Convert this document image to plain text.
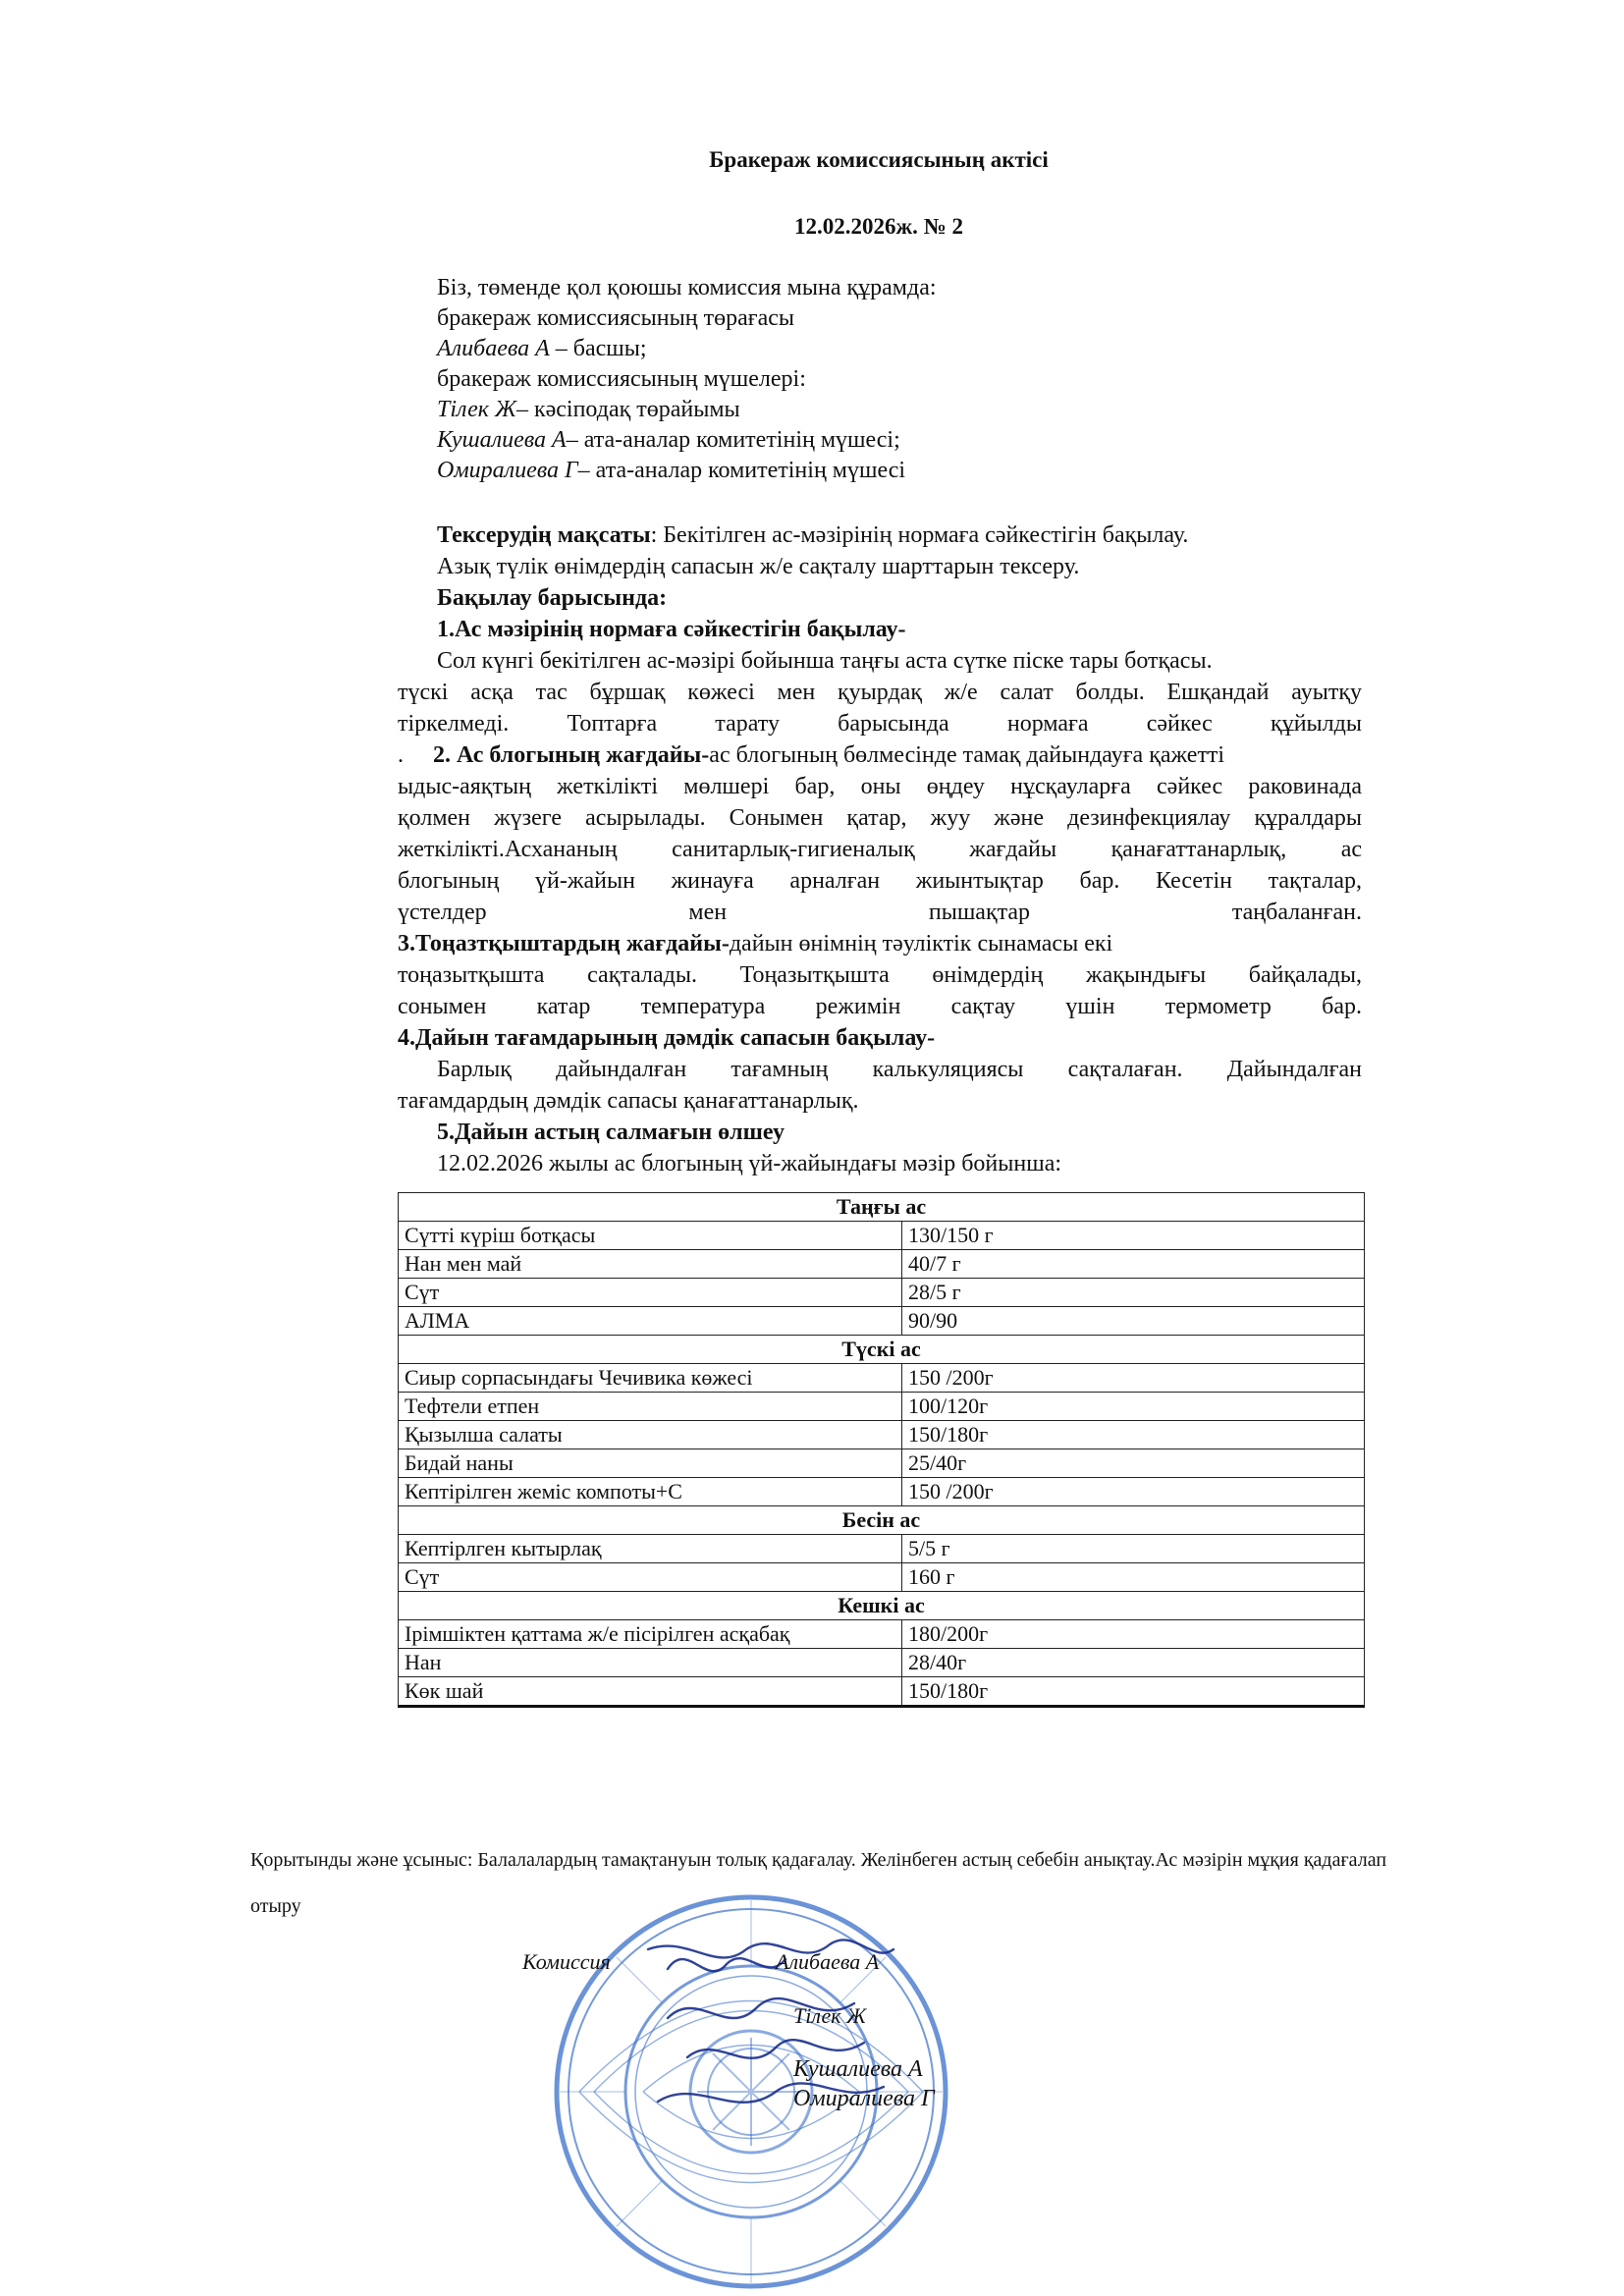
Бракераж комиссиясының актісі
12.02.2026ж. № 2
Біз, төменде қол қоюшы комиссия мына құрамда:
бракераж комиссиясының төрағасы
Алибаева А – басшы;
бракераж комиссиясының мүшелері:
Тілек Ж– кәсіподақ төрайымы
Кушалиева А– ата-аналар комитетінің мүшесі;
Омиралиева Г– ата-аналар комитетінің мүшесі
Тексерудің мақсаты: Бекітілген ас-мәзірінің нормаға сәйкестігін бақылау.
Азық түлік өнімдердің сапасын ж/е сақталу шарттарын тексеру.
Бақылау барысында:
1.Ас мәзірінің нормаға сәйкестігін бақылау-
Сол күнгі бекітілген ас-мәзірі бойынша таңғы аста сүтке піске тары ботқасы.
түскі асқа тас бұршақ көжесі мен қуырдақ ж/е салат болды. Ешқандай ауытқу
тіркелмеді. Топтарға тарату барысында нормаға сәйкес құйылды
.     2. Ас блогының жағдайы-ас блогының бөлмесінде тамақ дайындауға қажетті
ыдыс-аяқтың жеткілікті мөлшері бар, оны өңдеу нұсқауларға сәйкес раковинада
қолмен жүзеге асырылады. Сонымен қатар, жуу және дезинфекциялау құралдары
жеткілікті.Асхананың санитарлық-гигиеналық жағдайы қанағаттанарлық, ас
блогының үй-жайын жинауға арналған жиынтықтар бар. Кесетін тақталар,
үстелдер мен пышақтар таңбаланған.
3.Тоңазтқыштардың жағдайы-дайын өнімнің тәуліктік сынамасы екі
тоңазытқышта сақталады. Тоңазытқышта өнімдердің жақындығы байқалады,
сонымен катар температура режимін сақтау үшін термометр бар.
4.Дайын тағамдарының дәмдік сапасын бақылау-
Барлық дайындалған тағамның калькуляциясы сақталаған. Дайындалған
тағамдардың дәмдік сапасы қанағаттанарлық.
5.Дайын астың салмағын өлшеу
12.02.2026 жылы ас блогының үй-жайындағы мәзір бойынша:
Таңғы ас	
Сүтті күріш ботқасы	130/150 г
Нан мен май	40/7 г
Сүт	28/5 г
АЛМА	90/90
Түскі ас	
Сиыр сорпасындағы Чечивика көжесі	150 /200г
Тефтели етпен	100/120г
Қызылша салаты	150/180г
Бидай наны	25/40г
Кептірілген жеміс компоты+С	150 /200г
Бесін ас	
Кептірлген кытырлақ	5/5 г
Сүт	160 г
Кешкі ас	
Ірімшіктен қаттама ж/е пісірілген асқабақ	180/200г
Нан	28/40г
Көк шай	150/180г
Қорытынды және ұсыныс: Балалалардың тамақтануын толық қадағалау. Желінбеген астың себебін анықтау.Ас мәзірін мұқия қадағалап
отыру
Комиссия	Алибаева А
Тілек Ж
Кушалиева А
Омиралиева Г
